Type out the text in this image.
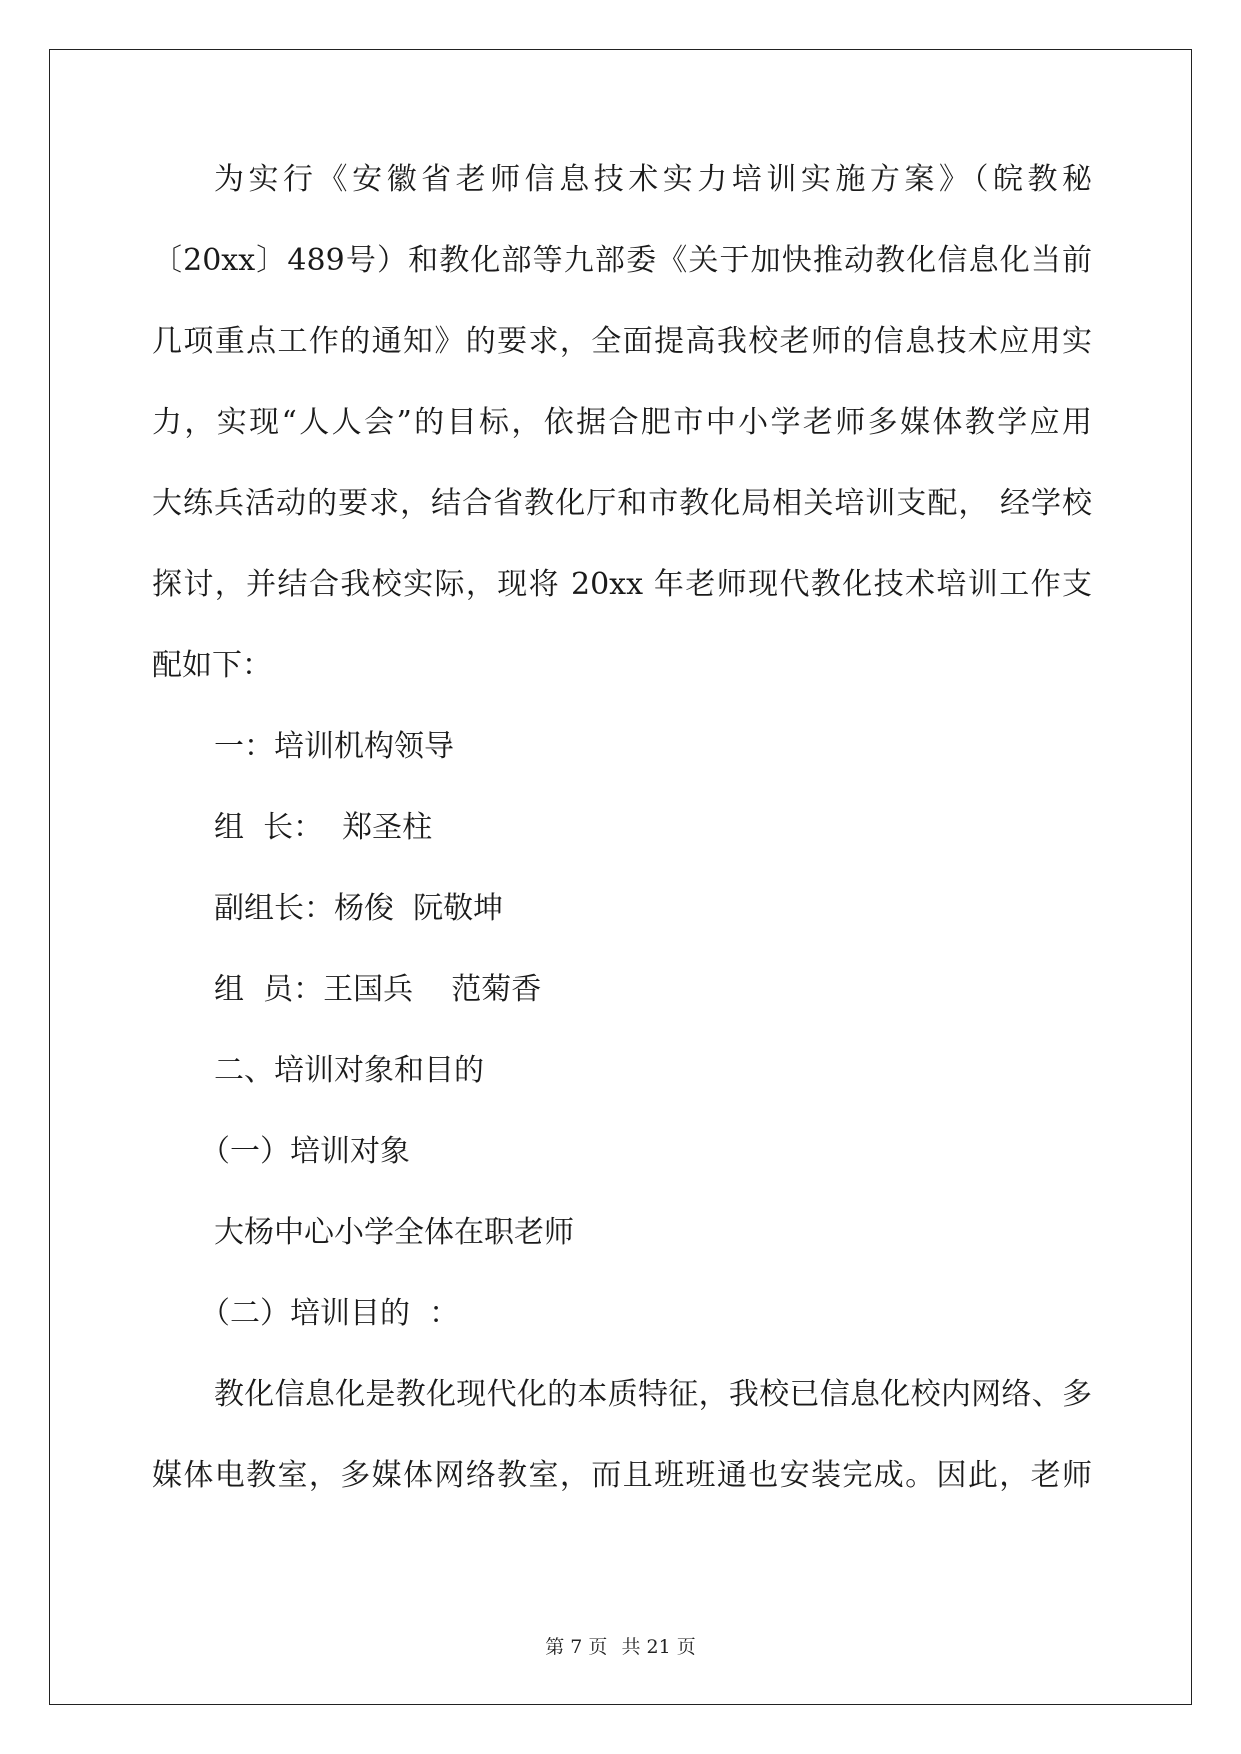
为实行《安徽省老师信息技术实力培训实施方案》（皖教秘
〔20xx〕489号）和教化部等九部委《关于加快推动教化信息化当前
几项重点工作的通知》的要求，全面提高我校老师的信息技术应用实
力，实现“人人会”的目标，依据合肥市中小学老师多媒体教学应用
大练兵活动的要求，结合省教化厅和市教化局相关培训支配， 经学校
探讨，并结合我校实际，现将 20xx 年老师现代教化技术培训工作支
配如下：
一：培训机构领导
组  长：  郑圣柱
副组长：杨俊  阮敬坤
组  员：王国兵    范菊香
二、培训对象和目的
（一）培训对象
大杨中心小学全体在职老师
（二）培训目的  ：
教化信息化是教化现代化的本质特征，我校已信息化校内网络、多
媒体电教室，多媒体网络教室，而且班班通也安装完成。因此，老师
第 7 页 共 21 页
